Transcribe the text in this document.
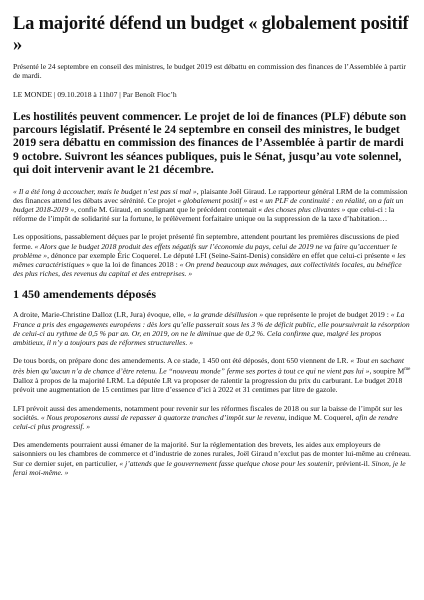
La majorité défend un budget « globalement positif »
Présenté le 24 septembre en conseil des ministres, le budget 2019 est débattu en commission des finances de l’Assemblée à partir de mardi.
LE MONDE | 09.10.2018 à 11h07 | Par Benoît Floc’h
Les hostilités peuvent commencer. Le projet de loi de finances (PLF) débute son parcours législatif. Présenté le 24 septembre en conseil des ministres, le budget 2019 sera débattu en commission des finances de l’Assemblée à partir de mardi 9 octobre. Suivront les séances publiques, puis le Sénat, jusqu’au vote solennel, qui doit intervenir avant le 21 décembre.

« Il a été long à accoucher, mais le budget n’est pas si mal », plaisante Joël Giraud. Le rapporteur général LRM de la commission des finances attend les débats avec sérénité. Ce projet « globalement positif » est « un PLF de continuité : en réalité, on a fait un budget 2018-2019 », confie M. Giraud, en soulignant que le précédent contenait « des choses plus clivantes » que celui-ci : la réforme de l’impôt de solidarité sur la fortune, le prélèvement forfaitaire unique ou la suppression de la taxe d’habitation…

Les oppositions, passablement déçues par le projet présenté fin septembre, attendent pourtant les premières discussions de pied ferme. « Alors que le budget 2018 produit des effets négatifs sur l’économie du pays, celui de 2019 ne va faire qu’accentuer le problème », dénonce par exemple Éric Coquerel. Le député LFI (Seine-Saint-Denis) considère en effet que celui-ci présente « les mêmes caractéristiques » que la loi de finances 2018 : « On prend beaucoup aux ménages, aux collectivités locales, au bénéfice des plus riches, des revenus du capital et des entreprises. »

1 450 amendements déposés

A droite, Marie-Christine Dalloz (LR, Jura) évoque, elle, « la grande désillusion » que représente le projet de budget 2019 : « La France a pris des engagements européens : dès lors qu’elle passerait sous les 3 % de déficit public, elle poursuivrait la résorption de celui-ci au rythme de 0,5 % par an. Or, en 2019, on ne le diminue que de 0,2 %. Cela confirme que, malgré les propos ambitieux, il n’y a toujours pas de réformes structurelles. »

De tous bords, on prépare donc des amendements. A ce stade, 1 450 ont été déposés, dont 650 viennent de LR. « Tout en sachant très bien qu’aucun n’a de chance d’être retenu. Le “nouveau monde” ferme ses portes à tout ce qui ne vient pas lui », soupire $M^{me}$ Dalloz à propos de la majorité LRM. La députée LR va proposer de ralentir la progression du prix du carburant. Le budget 2018 prévoit une augmentation de 15 centimes par litre d’essence d’ici à 2022 et 31 centimes par litre de gazole.

LFI prévoit aussi des amendements, notamment pour revenir sur les réformes fiscales de 2018 ou sur la baisse de l’impôt sur les sociétés. « Nous proposerons aussi de repasser à quatorze tranches d’impôt sur le revenu, indique M. Coquerel, afin de rendre celui-ci plus progressif. »

Des amendements pourraient aussi émaner de la majorité. Sur la réglementation des brevets, les aides aux employeurs de saisonniers ou les chambres de commerce et d’industrie de zones rurales, Joël Giraud n’exclut pas de monter lui-même au créneau. Sur ce dernier sujet, en particulier, « j’attends que le gouvernement fasse quelque chose pour les soutenir, prévient-il. Sinon, je le ferai moi-même. »
